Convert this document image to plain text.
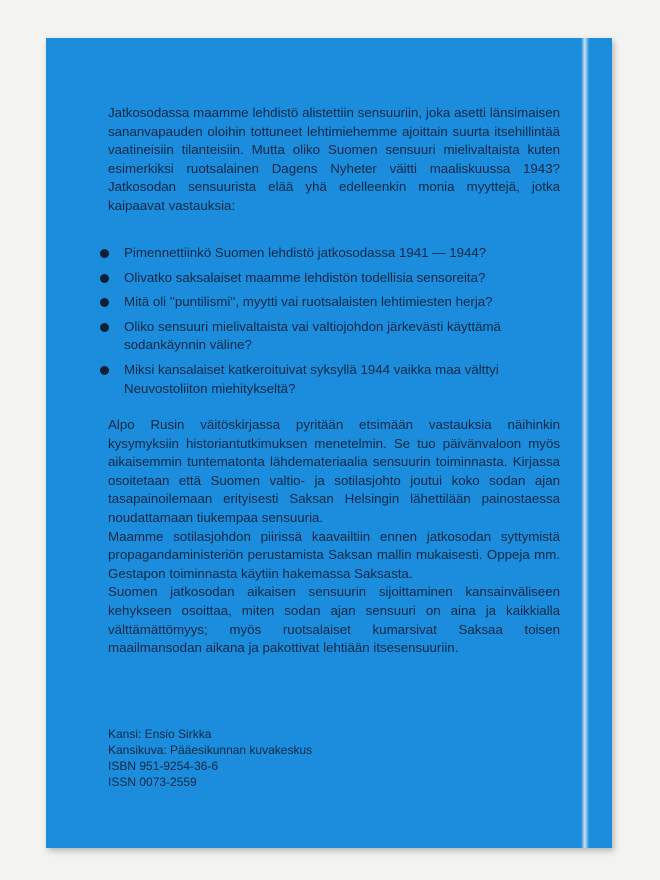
Jatkosodassa maamme lehdistö alistettiin sensuuriin, joka asetti länsimaisen sananvapauden oloihin tottuneet lehtimiehemme ajoittain suurta itsehillintää vaatineisiin tilanteisiin. Mutta oliko Suomen sensuuri mielivaltaista kuten esimerkiksi ruotsalainen Dagens Nyheter väitti maaliskuussa 1943? Jatkosodan sensuurista elää yhä edelleenkin monia myyttejä, jotka kaipaavat vastauksia:

Pimennettiinkö Suomen lehdistö jatkosodassa 1941 — 1944?
Olivatko saksalaiset maamme lehdistön todellisia sensoreita?
Mitä oli ''puntilismi'', myytti vai ruotsalaisten lehtimiesten herja?
Oliko sensuuri mielivaltaista vai valtiojohdon järkevästi käyttämä sodankäynnin väline?
Miksi kansalaiset katkeroituivat syksyllä 1944 vaikka maa välttyi Neuvostoliiton miehitykseltä?

Alpo Rusin väitöskirjassa pyritään etsimään vastauksia näihinkin kysymyksiin historiantutkimuksen menetelmin. Se tuo päivänvaloon myös aikaisemmin tuntematonta lähdemateriaalia sensuurin toiminnasta. Kirjassa osoitetaan että Suomen valtio- ja sotilasjohto joutui koko sodan ajan tasapainoilemaan erityisesti Saksan Helsingin lähettilään painostaessa noudattamaan tiukempaa sensuuria.

Maamme sotilasjohdon piirissä kaavailtiin ennen jatkosodan syttymistä propagandaministeriön perustamista Saksan mallin mukaisesti. Oppeja mm. Gestapon toiminnasta käytiin hakemassa Saksasta.

Suomen jatkosodan aikaisen sensuurin sijoittaminen kansainväliseen kehykseen osoittaa, miten sodan ajan sensuuri on aina ja kaikkialla välttämättömyys; myös ruotsalaiset kumarsivat Saksaa toisen maailmansodan aikana ja pakottivat lehtiään itsesensuuriin.

Kansi: Ensio Sirkka
Kansikuva: Pääesikunnan kuvakeskus
ISBN 951-9254-36-6
ISSN 0073-2559
